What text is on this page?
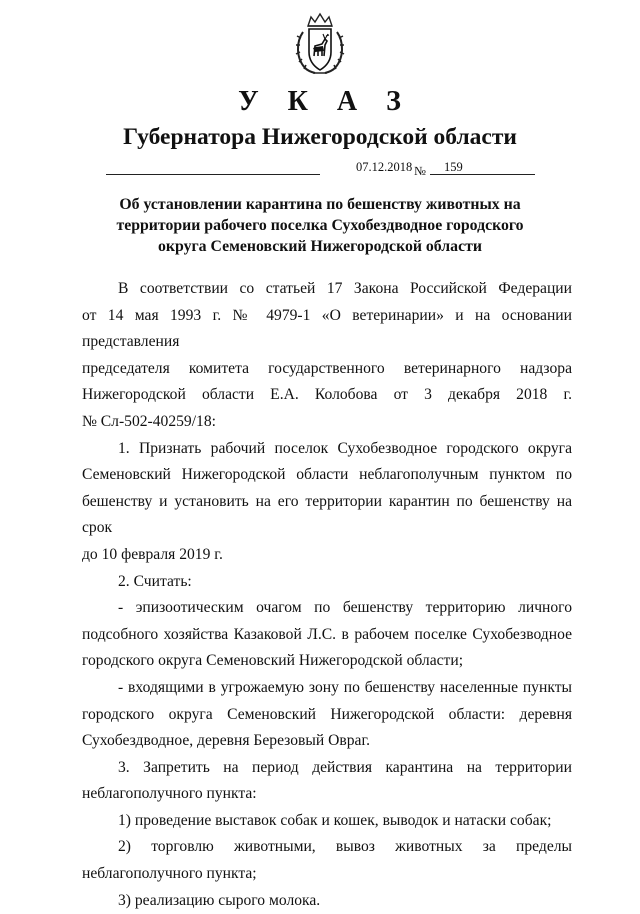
У К А З
Губернатора Нижегородской области
07.12.2018 № 159
Об установлении карантина по бешенству животных на
территории рабочего поселка Сухобездводное городского
округа Семеновский Нижегородской области

В соответствии со статьей 17 Закона Российской Федерации

от 14 мая 1993 г. № 4979-1 «О ветеринарии» и на основании представления

председателя комитета государственного ветеринарного надзора

Нижегородской области Е.А. Колобова от 3 декабря 2018 г.

№ Сл-502-40259/18:

1. Признать рабочий поселок Сухобезводное городского округа

Семеновский Нижегородской области неблагополучным пунктом по

бешенству и установить на его территории карантин по бешенству на срок

до 10 февраля 2019 г.

2. Считать:

- эпизоотическим очагом по бешенству территорию личного

подсобного хозяйства Казаковой Л.С. в рабочем поселке Сухобезводное

городского округа Семеновский Нижегородской области;

- входящими в угрожаемую зону по бешенству населенные пункты

городского округа Семеновский Нижегородской области: деревня

Сухобездводное, деревня Березовый Овраг.

3. Запретить на период действия карантина на территории

неблагополучного пункта:

1) проведение выставок собак и кошек, выводок и натаски собак;

2) торговлю животными, вывоз животных за пределы

неблагополучного пункта;

3) реализацию сырого молока.
